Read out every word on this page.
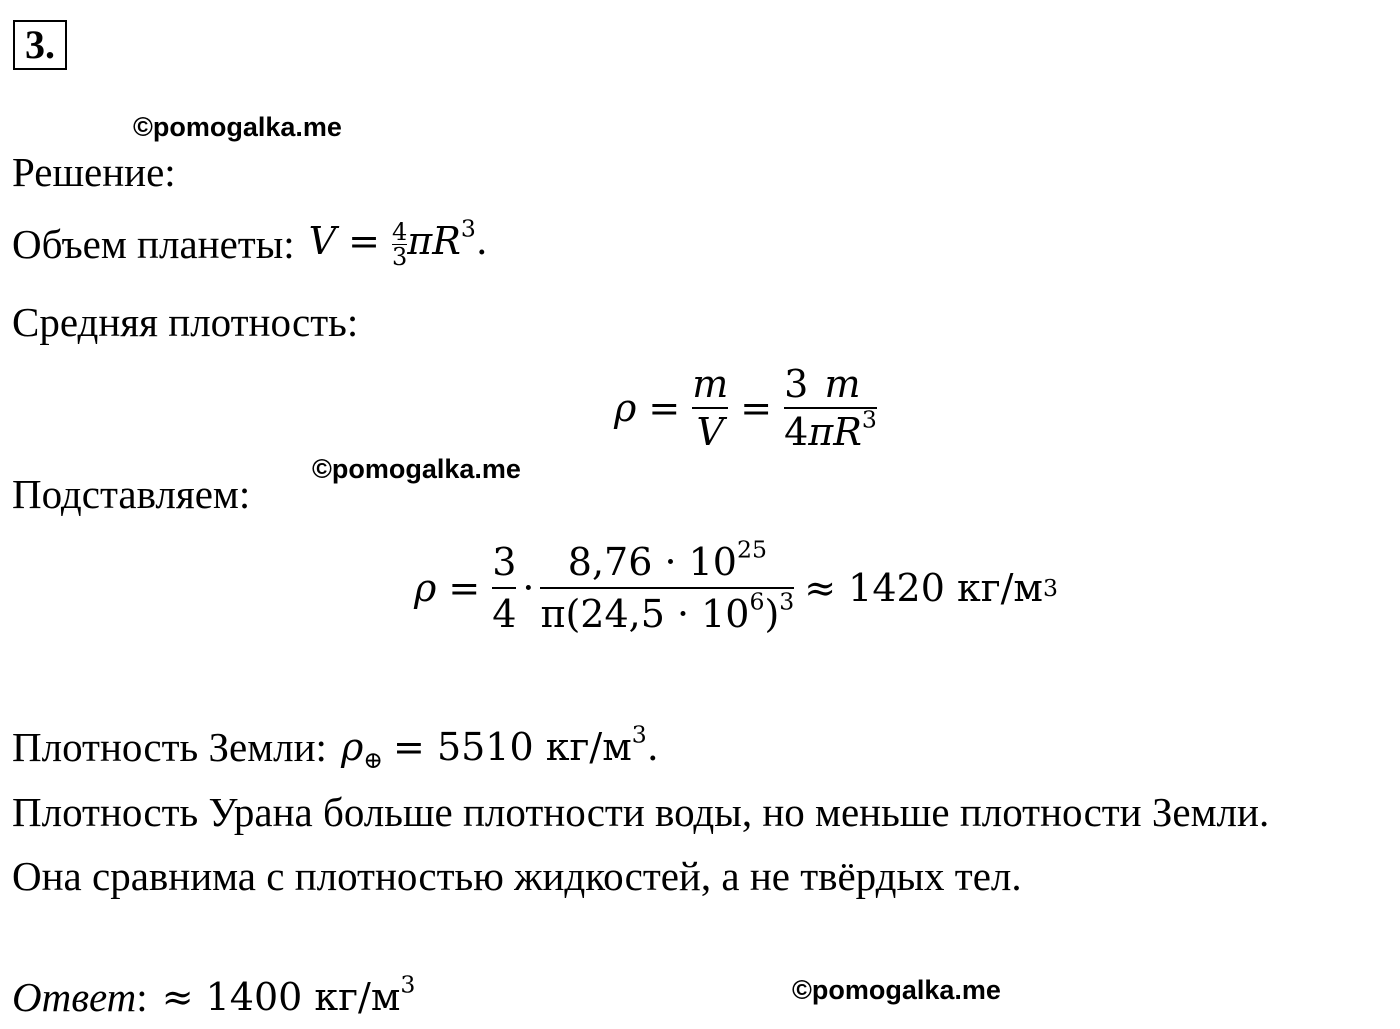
3.
©pomogalka.me
©pomogalka.me
©pomogalka.me
Решение:
Объем планеты: $V = \frac{4}{3} \pi R^3$.
Средняя плотность:
$\rho = \frac{m}{V} = \frac{3}{4} \frac{m}{\pi R^3}$
Подставляем:
$\rho = \frac{3}{4} \cdot \frac{8,76 \cdot 10^{25}}{\pi(24,5 \cdot 10^6)^3} \approx 1420$ кг/м 3
Плотность Земли: $\rho_\oplus = 5510$ $кг/м^3$.
Плотность Урана больше плотности воды, но меньше плотности Земли.
Она сравнима с плотностью жидкостей, а не твёрдых тел.
Ответ : ≈ 1400 $кг/м^3$
